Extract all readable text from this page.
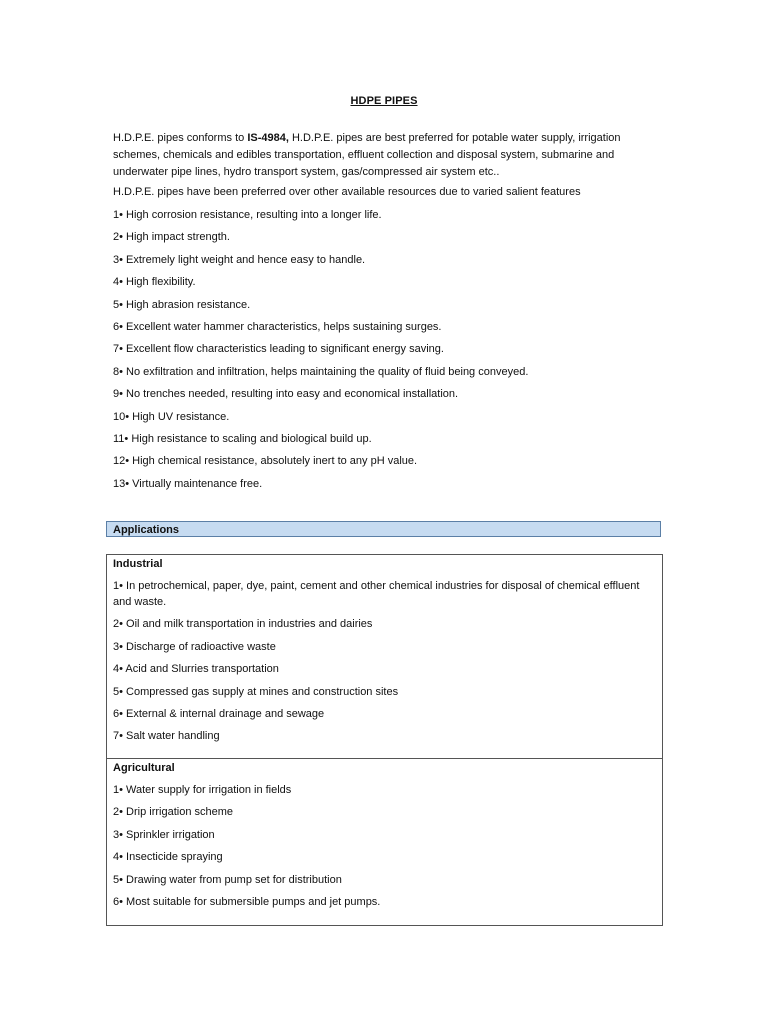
HDPE PIPES
H.D.P.E. pipes conforms to IS-4984, H.D.P.E. pipes are best preferred for potable water supply, irrigation
schemes, chemicals and edibles transportation, effluent collection and disposal system, submarine and
underwater pipe lines, hydro transport system, gas/compressed air system etc..
H.D.P.E. pipes have been preferred over other available resources due to varied salient features
1• High corrosion resistance, resulting into a longer life.
2• High impact strength.
3• Extremely light weight and hence easy to handle.
4• High flexibility.
5• High abrasion resistance.
6• Excellent water hammer characteristics, helps sustaining surges.
7• Excellent flow characteristics leading to significant energy saving.
8• No exfiltration and infiltration, helps maintaining the quality of fluid being conveyed.
9• No trenches needed, resulting into easy and economical installation.
10• High UV resistance.
11• High resistance to scaling and biological build up.
12• High chemical resistance, absolutely inert to any pH value.
13• Virtually maintenance free.
Applications
Industrial
1• In petrochemical, paper, dye, paint, cement and other chemical industries for disposal of chemical effluent and waste.
2• Oil and milk transportation in industries and dairies
3• Discharge of radioactive waste
4• Acid and Slurries transportation
5• Compressed gas supply at mines and construction sites
6• External & internal drainage and sewage
7• Salt water handling
Agricultural
1• Water supply for irrigation in fields
2• Drip irrigation scheme
3• Sprinkler irrigation
4• Insecticide spraying
5• Drawing water from pump set for distribution
6• Most suitable for submersible pumps and jet pumps.
